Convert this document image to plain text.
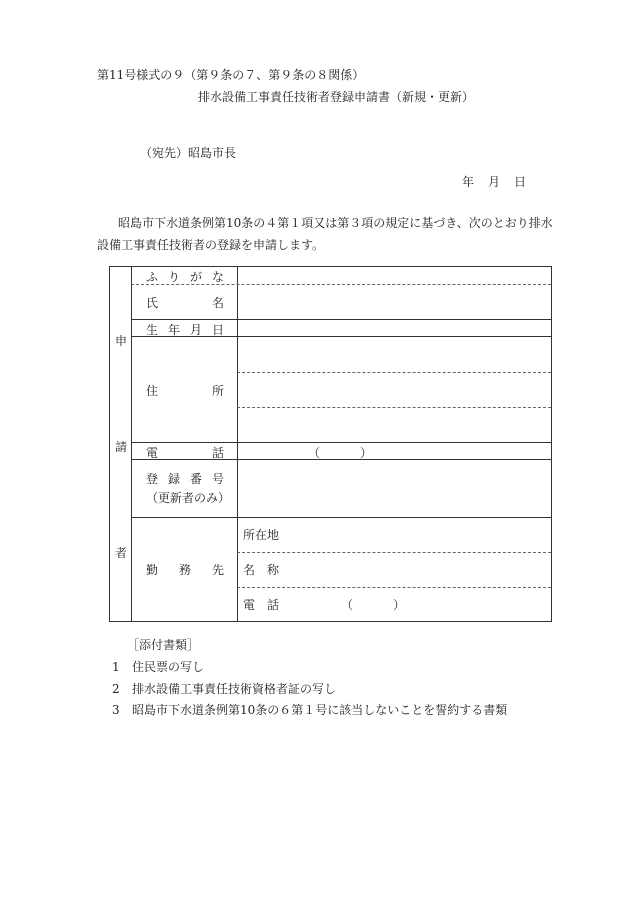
第11号様式の９（第９条の７、第９条の８関係）
排水設備工事責任技術者登録申請書（新規・更新）
（宛先）昭島市長
年 月 日
昭島市下水道条例第10条の４第１項又は第３項の規定に基づき、次のとおり排水設備工事責任技術者の登録を申請します。
申
請
者
ふ り が な
氏	名
生 年 月 日
住	所
電	話	（	）
登 録 番 号
（更新者のみ）
勤 務 先
所在地
名　称
電　話	（	）
［添付書類］
1 住民票の写し
2 排水設備工事責任技術資格者証の写し
3 昭島市下水道条例第10条の６第１号に該当しないことを誓約する書類
